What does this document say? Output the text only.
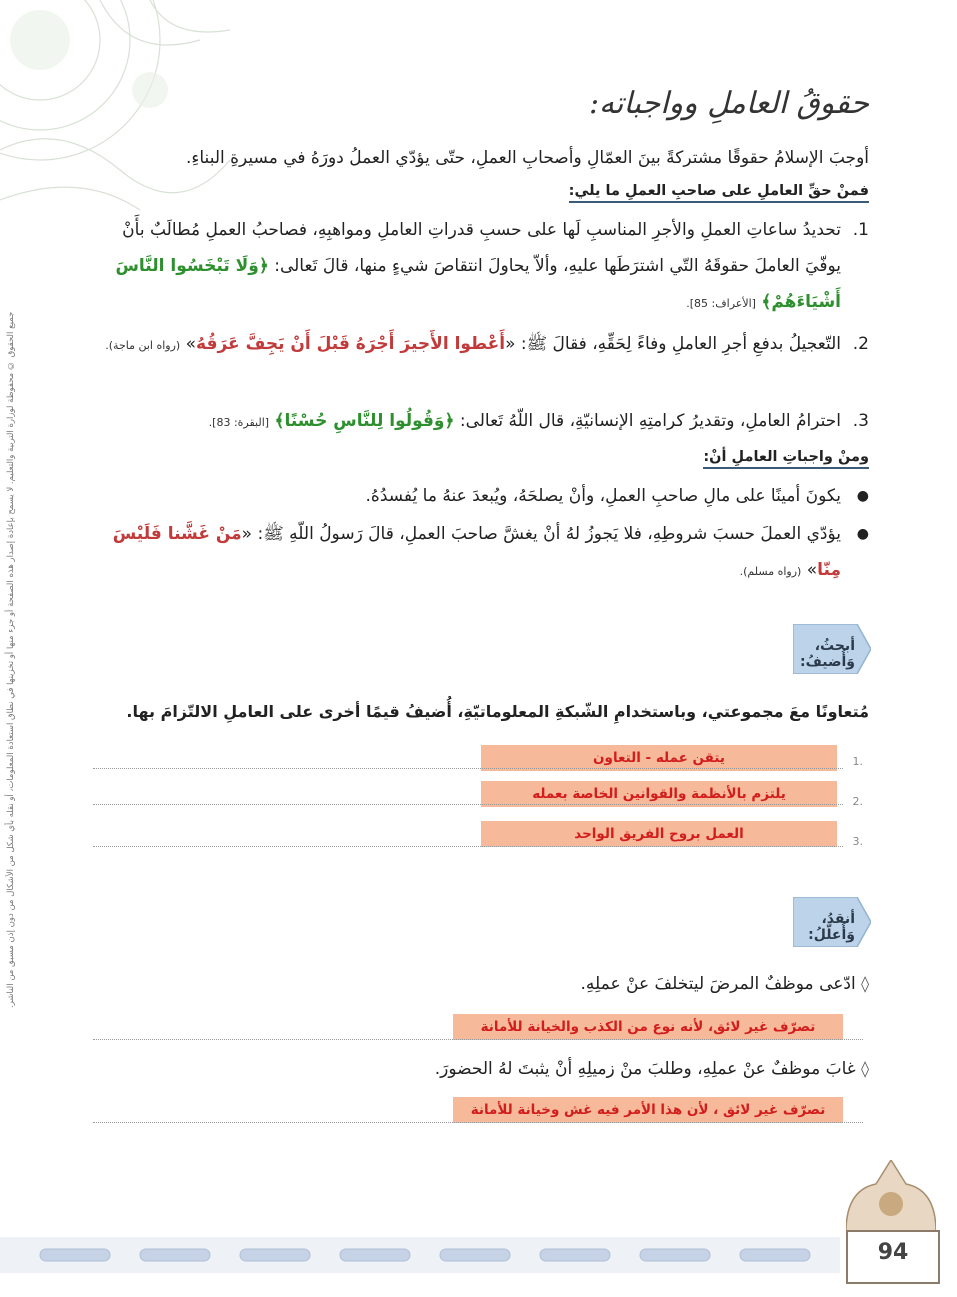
جميع الحقوق © محفوظة لوزارة التربية والتعليم. لا يسمح بإعادة إصدار هذه الصفحة أو جزء منها أو تخزينها في نطاق استعادة المعلومات، أو نقله بأي شكل من الأشكال من دون إذن مسبق من الناشر.
حقوقُ العاملِ وواجباته:
أوجبَ الإسلامُ حقوقًا مشتركةً بينَ العمّالِ وأصحابِ العملِ، حتّى يؤدّي العملُ دورَهُ في مسيرةِ البناءِ.
فمنْ حقِّ العاملِ على صاحبِ العملِ ما يلي:
1.
تحديدُ ساعاتِ العملِ والأجرِ المناسبِ لَها على حسبِ قدراتِ العاملِ ومواهبِهِ، فصاحبُ العملِ مُطالَبٌ بأَنْ يوفّيَ العاملَ حقوقَهُ التّي اشترَطَها عليهِ، وألاّ يحاولَ انتقاصَ شيءٍ منها، قالَ تَعالى: ﴿وَلَا تَبْخَسُوا النَّاسَ أَشْيَاءَهُمْ﴾ [الأعراف: 85].
2.
التّعجيلُ بدفعِ أجرِ العاملِ وفاءً لِحَقِّهِ، فقالَ ﷺ: «أَعْطوا الأَجيرَ أَجْرَهُ قَبْلَ أَنْ يَجِفَّ عَرَقُهُ» (رواه ابن ماجة).
3.
احترامُ العاملِ، وتقديرُ كرامتِهِ الإنسانيّةِ، قال اللّهُ تَعالى: ﴿وَقُولُوا لِلنَّاسِ حُسْنًا﴾ [البقرة: 83].
ومنْ واجباتِ العاملِ أنْ:
●
يكونَ أمينًا على مالِ صاحبِ العملِ، وأنْ يصلحَهُ، ويُبعدَ عنهُ ما يُفسدُهُ.
●
يؤدّي العملَ حسبَ شروطِهِ، فلا يَجوزُ لهُ أنْ يغشَّ صاحبَ العملِ، قالَ رَسولُ اللّهِ ﷺ: «مَنْ غَشَّنا فَلَيْسَ مِنّا» (رواه مسلم).
أبحثُ، وَأُضيفُ:
مُتعاونًا معَ مجموعتي، وباستخدامِ الشّبكةِ المعلوماتيّةِ، أُضيفُ قيمًا أخرى على العاملِ الالتّزامَ بها.
.1
يتقن عمله - التعاون
.2
يلتزم بالأنظمة والقوانين الخاصة بعمله
.3
العمل بروح الفريق الواحد
أنقدُ، وَأُعلّلُ:
◊ ادّعى موظفٌ المرضَ ليتخلفَ عنْ عملِهِ.
تصرّف غير لائق، لأنه نوع من الكذب والخيانة للأمانة
◊ غابَ موظفٌ عنْ عملِهِ، وطلبَ منْ زميلِهِ أنْ يثبتَ لهُ الحضورَ.
تصرّف غير لائق ، لأن هذا الأمر فيه غش وخيانة للأمانة
94
